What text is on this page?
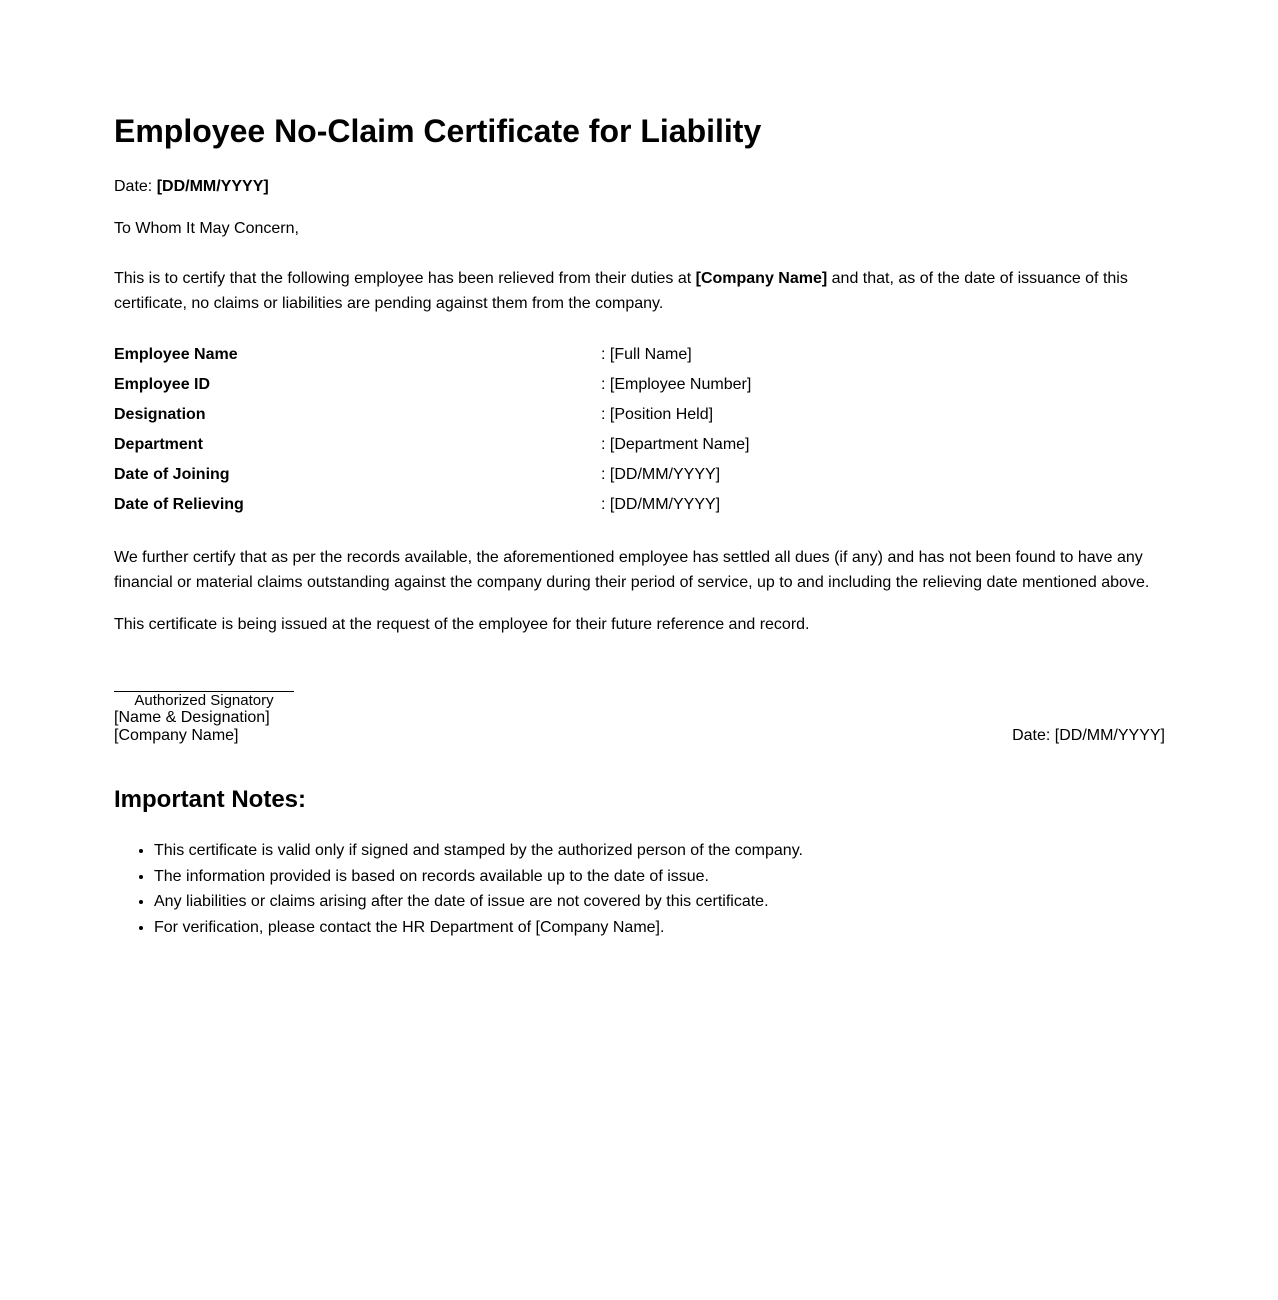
Employee No-Claim Certificate for Liability
Date: [DD/MM/YYYY]
To Whom It May Concern,
This is to certify that the following employee has been relieved from their duties at [Company Name] and that, as of the date of issuance of this certificate, no claims or liabilities are pending against them from the company.
Employee Name	: [Full Name]
Employee ID	: [Employee Number]
Designation	: [Position Held]
Department	: [Department Name]
Date of Joining	: [DD/MM/YYYY]
Date of Relieving	: [DD/MM/YYYY]
We further certify that as per the records available, the aforementioned employee has settled all dues (if any) and has not been found to have any financial or material claims outstanding against the company during their period of service, up to and including the relieving date mentioned above.
This certificate is being issued at the request of the employee for their future reference and record.
Authorized Signatory
[Name & Designation]
[Company Name]	Date: [DD/MM/YYYY]
Important Notes:
• This certificate is valid only if signed and stamped by the authorized person of the company.
• The information provided is based on records available up to the date of issue.
• Any liabilities or claims arising after the date of issue are not covered by this certificate.
• For verification, please contact the HR Department of [Company Name].
